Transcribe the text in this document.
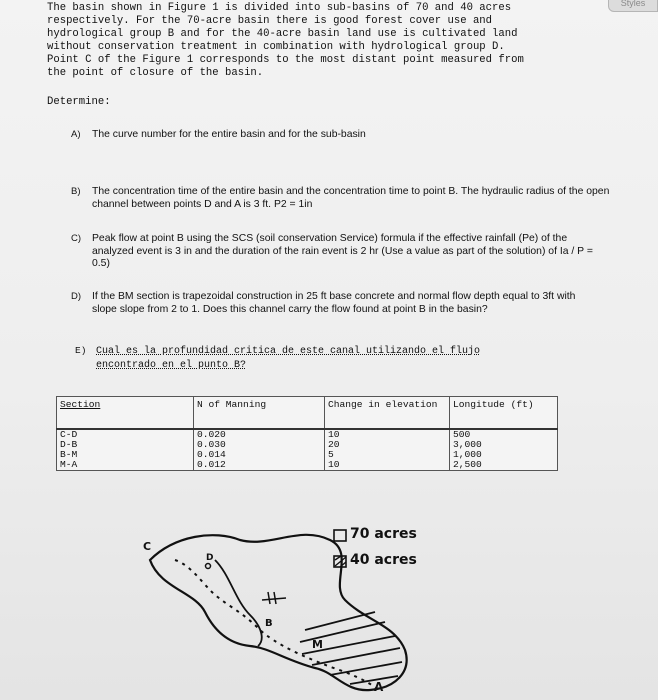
Styles

The basin shown in Figure 1 is divided into sub-basins of 70 and 40 acres
respectively. For the 70-acre basin there is good forest cover use and
hydrological group B and for the 40-acre basin land use is cultivated land
without conservation treatment in combination with hydrological group D.
Point C of the Figure 1 corresponds to the most distant point measured from
the point of closure of the basin.

Determine:

A) The curve number for the entire basin and for the sub-basin
B) The concentration time of the entire basin and the concentration time to point B. The hydraulic radius of the open channel between points D and A is 3 ft. P2 = 1in
C) Peak flow at point B using the SCS (soil conservation Service) formula if the effective rainfall (Pe) of the analyzed event is 3 in and the duration of the rain event is 2 hr (Use a value as part of the solution) of Ia / P = 0.5)
D) If the BM section is trapezoidal construction in 25 ft base concrete and normal flow depth equal to 3ft with slope slope from 2 to 1. Does this channel carry the flow found at point B in the basin?
E) Cual es la profundidad critica de este canal utilizando el flujo encontrado en el punto B?
Section	N of Manning	Change in elevation	Longitude (ft)
C-D	0.020	10	500
D-B	0.030	20	3,000
B-M	0.014	5	1,000
M-A	0.012	10	2,500
70 acres
40 acres
C
D
B
M
A
